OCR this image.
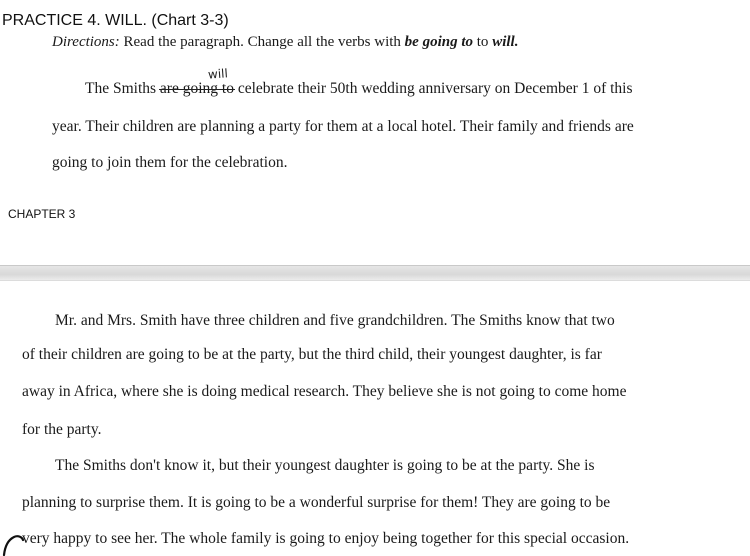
PRACTICE 4. WILL. (Chart 3-3)
Directions: Read the paragraph. Change all the verbs with be going to to will.
will
The Smiths are going to celebrate their 50th wedding anniversary on December 1 of this
year. Their children are planning a party for them at a local hotel. Their family and friends are
going to join them for the celebration.
CHAPTER 3
Mr. and Mrs. Smith have three children and five grandchildren. The Smiths know that two
of their children are going to be at the party, but the third child, their youngest daughter, is far
away in Africa, where she is doing medical research. They believe she is not going to come home
for the party.
The Smiths don't know it, but their youngest daughter is going to be at the party. She is
planning to surprise them. It is going to be a wonderful surprise for them! They are going to be
very happy to see her. The whole family is going to enjoy being together for this special occasion.
